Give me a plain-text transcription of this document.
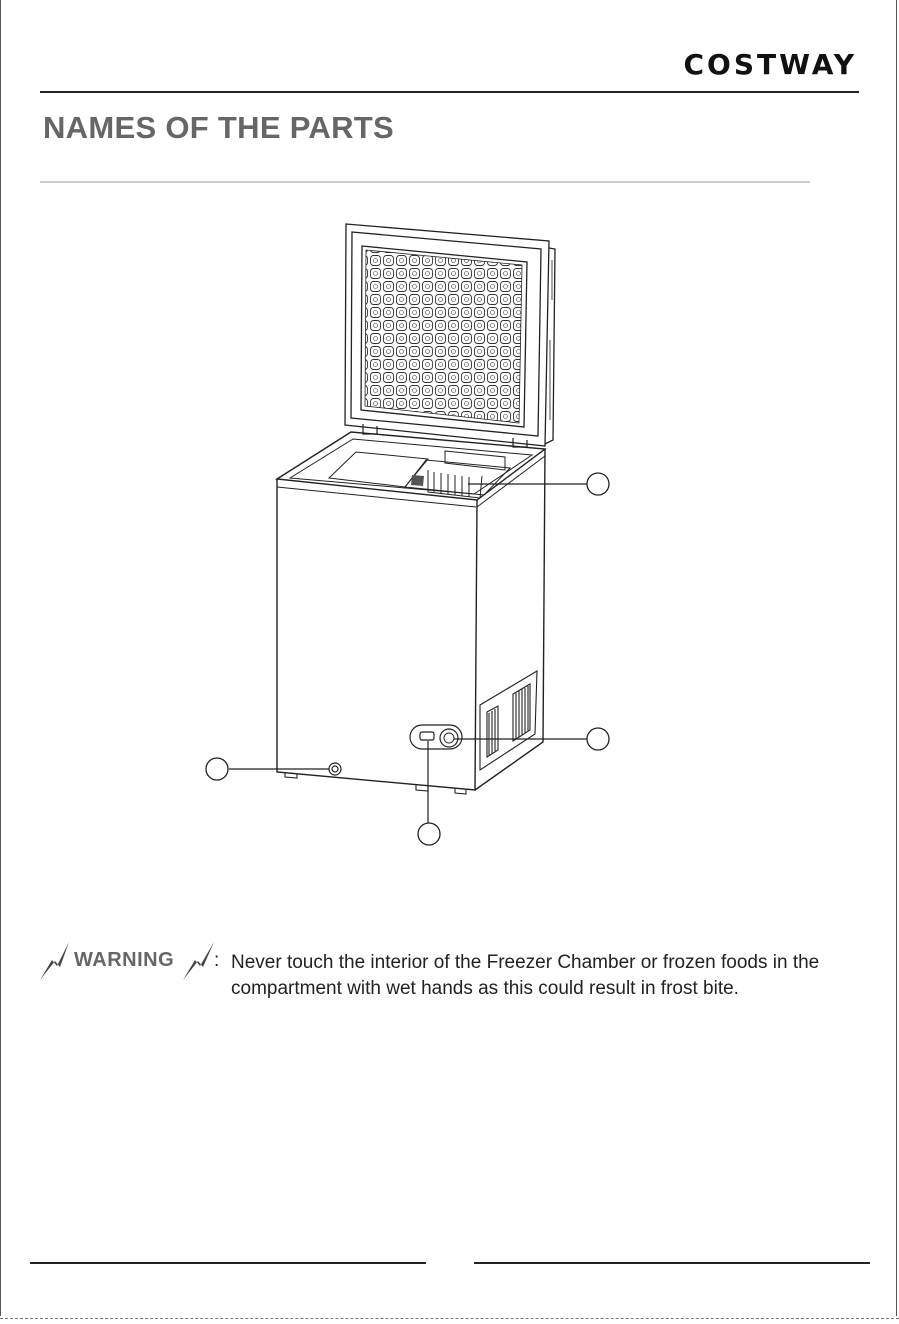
COSTWAY
NAMES OF THE PARTS
WARNING : Never touch the interior of the Freezer Chamber or frozen foods in the compartment with wet hands as this could result in frost bite.
